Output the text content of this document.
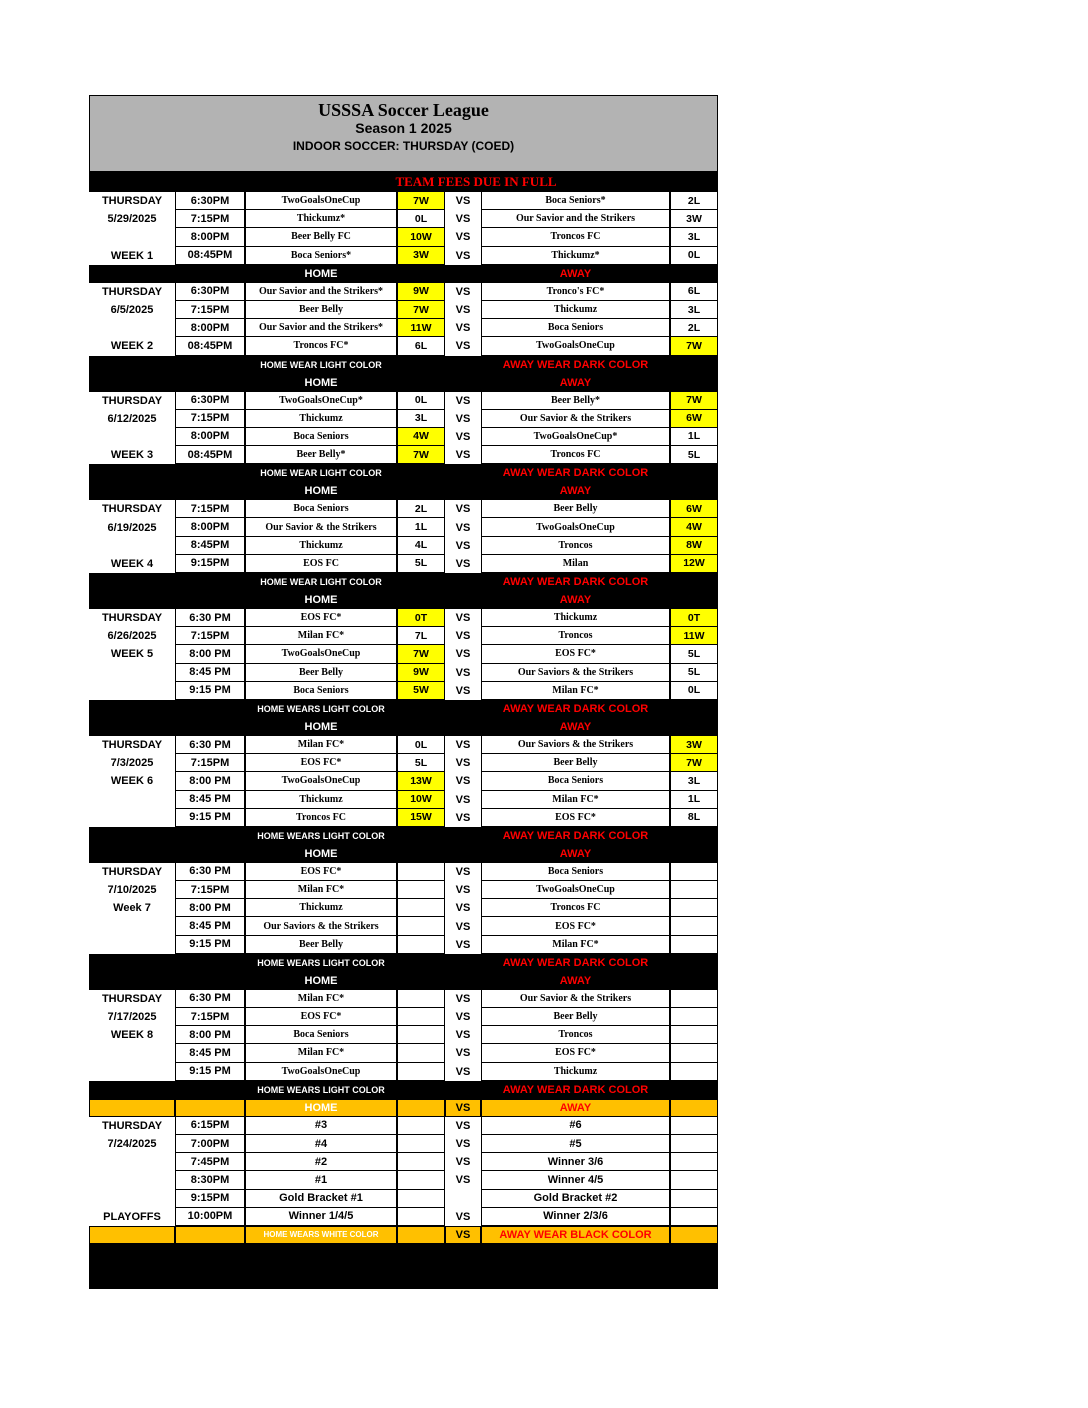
USSSA Soccer League
Season 1 2025
INDOOR SOCCER: THURSDAY (COED)
TEAM FEES DUE IN FULL
THURSDAY	6:30PM	TwoGoalsOneCup	7W	VS	Boca Seniors*	2L
5/29/2025	7:15PM	Thickumz*	0L	VS	Our Savior and the Strikers	3W
8:00PM	Beer Belly FC	10W	VS	Troncos FC	3L
WEEK 1	08:45PM	Boca Seniors*	3W	VS	Thickumz*	0L
HOME	AWAY
THURSDAY	6:30PM	Our Savior and the Strikers*	9W	VS	Tronco's FC*	6L
6/5/2025	7:15PM	Beer Belly	7W	VS	Thickumz	3L
8:00PM	Our Savior and the Strikers*	11W	VS	Boca Seniors	2L
WEEK 2	08:45PM	Troncos FC*	6L	VS	TwoGoalsOneCup	7W
HOME WEAR LIGHT COLOR	AWAY WEAR DARK COLOR
HOME	AWAY
THURSDAY	6:30PM	TwoGoalsOneCup*	0L	VS	Beer Belly*	7W
6/12/2025	7:15PM	Thickumz	3L	VS	Our Savior & the Strikers	6W
8:00PM	Boca Seniors	4W	VS	TwoGoalsOneCup*	1L
WEEK 3	08:45PM	Beer Belly*	7W	VS	Troncos FC	5L
HOME WEAR LIGHT COLOR	AWAY WEAR DARK COLOR
HOME	AWAY
THURSDAY	7:15PM	Boca Seniors	2L	VS	Beer Belly	6W
6/19/2025	8:00PM	Our Savior & the Strikers	1L	VS	TwoGoalsOneCup	4W
8:45PM	Thickumz	4L	VS	Troncos	8W
WEEK 4	9:15PM	EOS FC	5L	VS	Milan	12W
HOME WEAR LIGHT COLOR	AWAY WEAR DARK COLOR
HOME	AWAY
THURSDAY	6:30 PM	EOS FC*	0T	VS	Thickumz	0T
6/26/2025	7:15PM	Milan FC*	7L	VS	Troncos	11W
WEEK 5	8:00 PM	TwoGoalsOneCup	7W	VS	EOS FC*	5L
8:45 PM	Beer Belly	9W	VS	Our Saviors & the Strikers	5L
9:15 PM	Boca Seniors	5W	VS	Milan FC*	0L
HOME WEARS LIGHT COLOR	AWAY WEAR DARK COLOR
HOME	AWAY
THURSDAY	6:30 PM	Milan FC*	0L	VS	Our Saviors & the Strikers	3W
7/3/2025	7:15PM	EOS FC*	5L	VS	Beer Belly	7W
WEEK 6	8:00 PM	TwoGoalsOneCup	13W	VS	Boca Seniors	3L
8:45 PM	Thickumz	10W	VS	Milan FC*	1L
9:15 PM	Troncos FC	15W	VS	EOS FC*	8L
HOME WEARS LIGHT COLOR	AWAY WEAR DARK COLOR
HOME	AWAY
THURSDAY	6:30 PM	EOS FC*	VS	Boca Seniors
7/10/2025	7:15PM	Milan FC*	VS	TwoGoalsOneCup
Week 7	8:00 PM	Thickumz	VS	Troncos FC
8:45 PM	Our Saviors & the Strikers	VS	EOS FC*
9:15 PM	Beer Belly	VS	Milan FC*
HOME WEARS LIGHT COLOR	AWAY WEAR DARK COLOR
HOME	AWAY
THURSDAY	6:30 PM	Milan FC*	VS	Our Savior & the Strikers
7/17/2025	7:15PM	EOS FC*	VS	Beer Belly
WEEK 8	8:00 PM	Boca Seniors	VS	Troncos
8:45 PM	Milan FC*	VS	EOS FC*
9:15 PM	TwoGoalsOneCup	VS	Thickumz
HOME WEARS LIGHT COLOR	AWAY WEAR DARK COLOR
HOME	VS	AWAY
THURSDAY	6:15PM	#3	VS	#6
7/24/2025	7:00PM	#4	VS	#5
7:45PM	#2	VS	Winner 3/6
8:30PM	#1	VS	Winner 4/5
9:15PM	Gold Bracket #1	Gold Bracket #2
PLAYOFFS	10:00PM	Winner 1/4/5	VS	Winner 2/3/6
HOME WEARS WHITE COLOR	VS	AWAY WEAR BLACK COLOR
